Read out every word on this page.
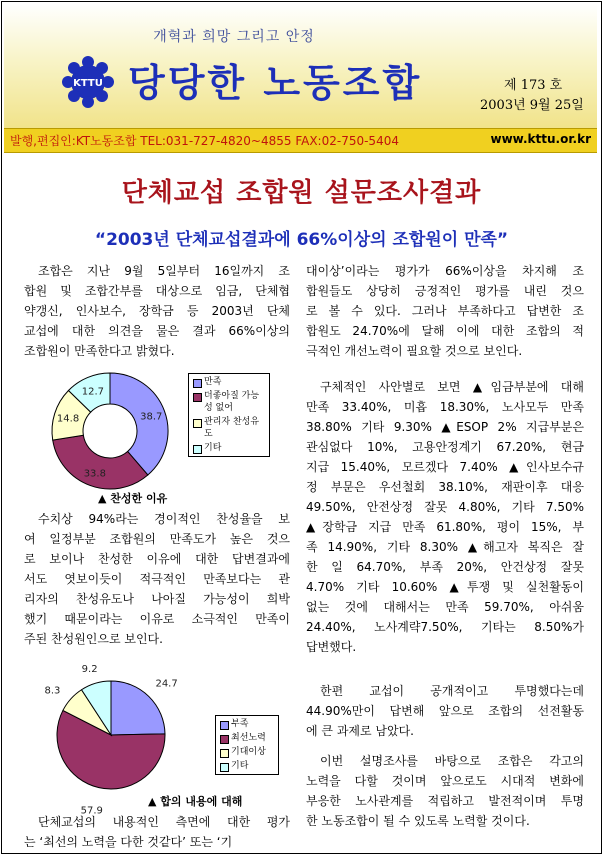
개혁과 희망 그리고 안정
KTTU 당당한 노동조합	제 173 호
2003년 9월 25일
발행,편집인:KT노동조합 TEL:031-727-4820~4855 FAX:02-750-5404	www.kttu.or.kr
단체교섭 조합원 설문조사결과
“2003년 단체교섭결과에 66%이상의 조합원이 만족”
조합은 지난 9월 5일부터 16일까지 조
합원 및 조합간부를 대상으로 임금, 단체협
약갱신, 인사보수, 장학금 등 2003년 단체
교섭에 대한 의견을 물은 결과 66%이상의
조합원이 만족한다고 밝혔다.
38.7
33.8
14.8
12.7
만족
더좋아질 가능성 없어
관리자 찬성유도
기타
▲ 찬성한 이유
수치상 94%라는 경이적인 찬성율을 보
여 일정부분 조합원의 만족도가 높은 것으
로 보이나 찬성한 이유에 대한 답변결과에
서도 엿보이듯이 적극적인 만족보다는 관
리자의 찬성유도나 나아질 가능성이 희박
했기 때문이라는 이유로 소극적인 만족이
주된 찬성원인으로 보인다.
24.7
57.9
8.3
9.2
부족
최선노력
기대이상
기타
▲ 합의 내용에 대해
단체교섭의 내용적인 측면에 대한 평가
는 ‘최선의 노력을 다한 것같다’ 또는 ‘기
대이상’이라는 평가가 66%이상을 차지해 조
합원들도 상당히 긍정적인 평가를 내린 것으
로 볼 수 있다. 그러나 부족하다고 답변한 조
합원도 24.70%에 달해 이에 대한 조합의 적
극적인 개선노력이 필요할 것으로 보인다.
구체적인 사안별로 보면 ▲임금부분에 대해
만족 33.40%, 미흡 18.30%, 노사모두 만족
38.80% 기타 9.30% ▲ESOP 2% 지급부분은
관심없다 10%, 고용안정계기 67.20%, 현금
지급 15.40%, 모르겠다 7.40% ▲인사보수규
정 부문은 우선철회 38.10%, 재판이후 대응
49.50%, 안전상정 잘못 4.80%, 기타 7.50%
▲장학금 지급 만족 61.80%, 평이 15%, 부
족 14.90%, 기타 8.30% ▲해고자 복직은 잘
한 일 64.70%, 부족 20%, 안건상정 잘못
4.70% 기타 10.60% ▲투쟁 및 실천활동이
없는 것에 대해서는 만족 59.70%, 아쉬움
24.40%, 노사계략7.50%, 기타는 8.50%가
답변했다.
한편 교섭이 공개적이고 투명했다는데
44.90%만이 답변해 앞으로 조합의 선전활동
에 큰 과제로 남았다.
이번 설명조사를 바탕으로 조합은 각고의
노력을 다할 것이며 앞으로도 시대적 변화에
부응한 노사관계를 적립하고 발전적이며 투명
한 노동조합이 될 수 있도록 노력할 것이다.
